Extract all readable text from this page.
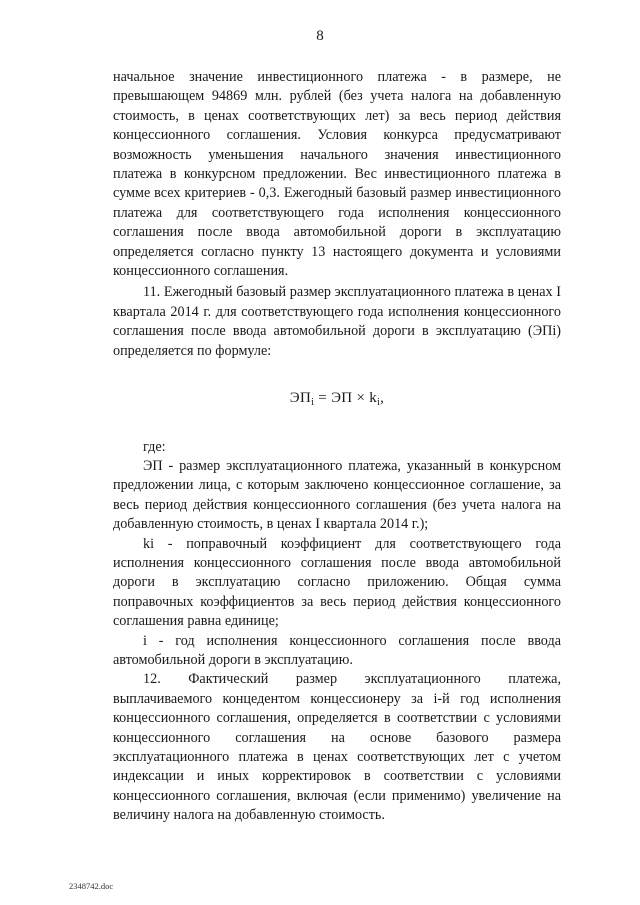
8

начальное значение инвестиционного платежа - в размере, не превышающем 94869 млн. рублей (без учета налога на добавленную стоимость, в ценах соответствующих лет) за весь период действия концессионного соглашения. Условия конкурса предусматривают возможность уменьшения начального значения инвестиционного платежа в конкурсном предложении. Вес инвестиционного платежа в сумме всех критериев - 0,3. Ежегодный базовый размер инвестиционного платежа для соответствующего года исполнения концессионного соглашения после ввода автомобильной дороги в эксплуатацию определяется согласно пункту 13 настоящего документа и условиями концессионного соглашения.

11. Ежегодный базовый размер эксплуатационного платежа в ценах I квартала 2014 г. для соответствующего года исполнения концессионного соглашения после ввода автомобильной дороги в эксплуатацию (ЭПi) определяется по формуле:

$ЭП_i$ = ЭП × $k_i$,

где:

ЭП - размер эксплуатационного платежа, указанный в конкурсном предложении лица, с которым заключено концессионное соглашение, за весь период действия концессионного соглашения (без учета налога на добавленную стоимость, в ценах I квартала 2014 г.);

ki - поправочный коэффициент для соответствующего года исполнения концессионного соглашения после ввода автомобильной дороги в эксплуатацию согласно приложению. Общая сумма поправочных коэффициентов за весь период действия концессионного соглашения равна единице;

i - год исполнения концессионного соглашения после ввода автомобильной дороги в эксплуатацию.

12. Фактический размер эксплуатационного платежа, выплачиваемого концедентом концессионеру за i-й год исполнения концессионного соглашения, определяется в соответствии с условиями концессионного соглашения на основе базового размера эксплуатационного платежа в ценах соответствующих лет с учетом индексации и иных корректировок в соответствии с условиями концессионного соглашения, включая (если применимо) увеличение на величину налога на добавленную стоимость.

2348742.doc
